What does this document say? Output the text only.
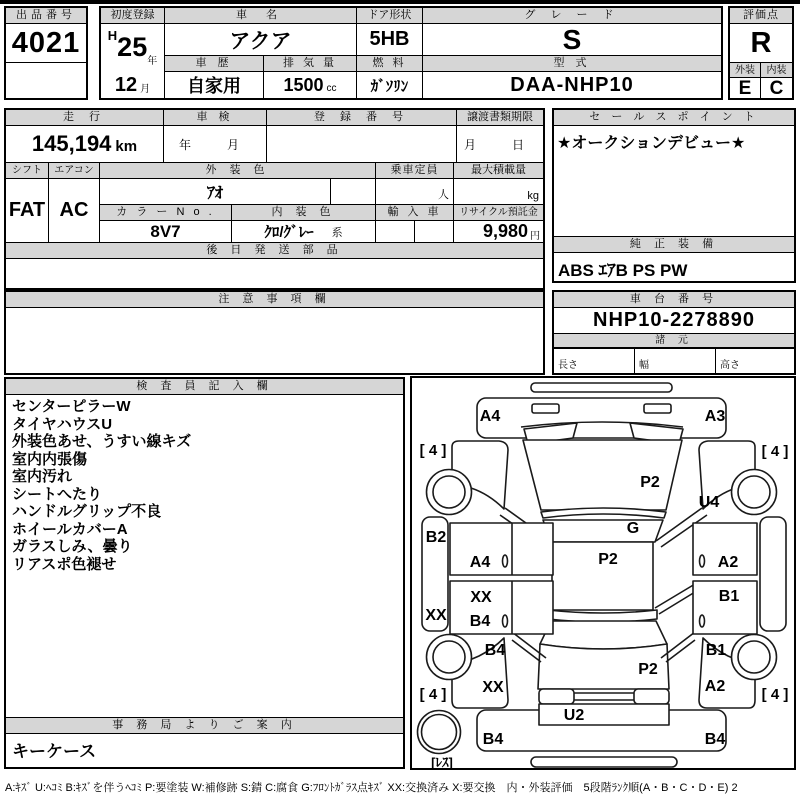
出品番号
4021
初度登録
H 25 年
12 月
車 名
アクア
車 歴
自家用
排 気 量
1500 cc
ドア形状
5HB
燃 料
ｶﾞｿﾘﾝ
グ レ ー ド
S
型 式
DAA-NHP10
評価点
R
外装	内装
E C
走 行
145,194 km
車 検
年　月
登 録 番 号	譲渡書類期限
月　日
シフト
FAT
エアコン
AC
外 装 色
ｱｵ
カ ラ ー N o .	内 装 色
8V7	ｸﾛ/ｸﾞﾚｰ 系
乗車定員
人
輸 入 車
最大積載量
kg
リサイクル預託金
9,980 円
後 日 発 送 部 品
セ ー ル ス ポ イ ン ト
★オークションデビュー★
純 正 装 備
ABS ｴｱB PS PW
注 意 事 項 欄	車 台 番 号
NHP10-2278890
諸 元
長さ	幅	高さ
検 査 員 記 入 欄
センターピラーW
タイヤハウスU
外装色あせ、うすい線キズ
室内内張傷
室内汚れ
シートへたり
ハンドルグリップ不良
ホイールカバーA
ガラスしみ、曇り
リアスポ色褪せ
事 務 局 よ り ご 案 内
キーケース
A4	A3
[ 4 ]	[ 4 ]
P2
U4
B2
G
P2
A4	A2
XX	B1
XX B4
B4	B1
P2
XX	A2
[ 4 ]	[ 4 ]
U2
B4	B4
[ﾚｽ]
A:ｷｽﾞ U:ﾍｺﾐ B:ｷｽﾞを伴うﾍｺﾐ P:要塗装 W:補修跡 S:錆 C:腐食 G:ﾌﾛﾝﾄｶﾞﾗｽ点ｷｽﾞ XX:交換済み X:要交換　内・外装評価　5段階ﾗﾝｸ順(A・B・C・D・E) 2
